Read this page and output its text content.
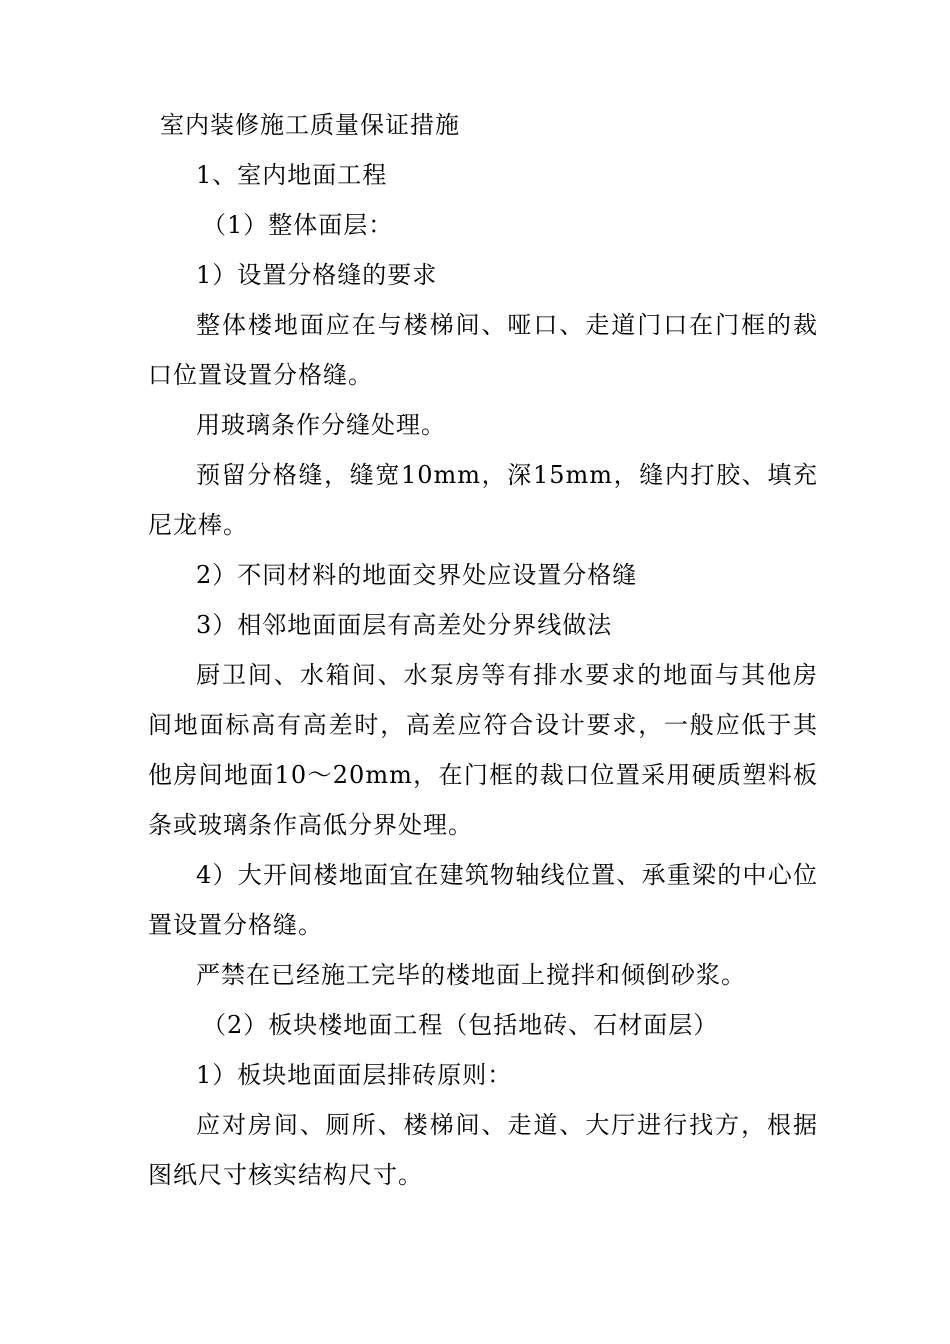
室内装修施工质量保证措施

1、室内地面工程

（1）整体面层：

1）设置分格缝的要求

整体楼地面应在与楼梯间、哑口、走道门口在门框的裁口位置设置分格缝。

用玻璃条作分缝处理。

预留分格缝，缝宽10mm，深15mm，缝内打胶、填充尼龙棒。

2）不同材料的地面交界处应设置分格缝

3）相邻地面面层有高差处分界线做法

厨卫间、水箱间、水泵房等有排水要求的地面与其他房间地面标高有高差时，高差应符合设计要求，一般应低于其他房间地面10～20mm，在门框的裁口位置采用硬质塑料板条或玻璃条作高低分界处理。

4）大开间楼地面宜在建筑物轴线位置、承重梁的中心位置设置分格缝。

严禁在已经施工完毕的楼地面上搅拌和倾倒砂浆。

（2）板块楼地面工程（包括地砖、石材面层）

1）板块地面面层排砖原则：

应对房间、厕所、楼梯间、走道、大厅进行找方，根据图纸尺寸核实结构尺寸。
